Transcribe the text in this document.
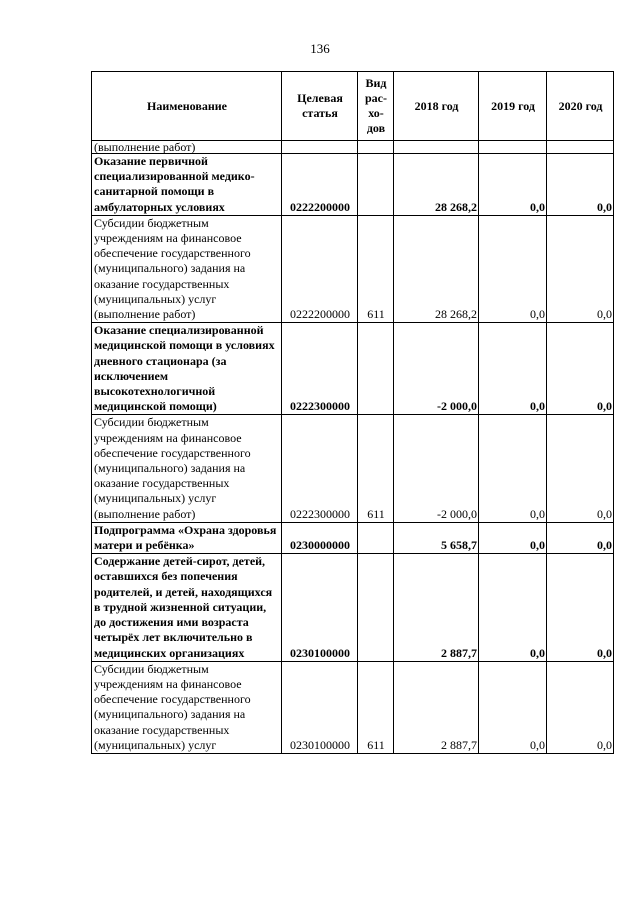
136
Наименование	Целевая статья	Вид рас-хо-дов	2018 год	2019 год	2020 год
(выполнение работ)					
Оказание первичной специализированной медико-санитарной помощи в амбулаторных условиях	0222200000		28 268,2	0,0	0,0
Субсидии бюджетным учреждениям на финансовое обеспечение государственного (муниципального) задания на оказание государственных (муниципальных) услуг (выполнение работ)	0222200000	611	28 268,2	0,0	0,0
Оказание специализированной медицинской помощи в условиях дневного стационара (за исключением высокотехнологичной медицинской помощи)	0222300000		-2 000,0	0,0	0,0
Субсидии бюджетным учреждениям на финансовое обеспечение государственного (муниципального) задания на оказание государственных (муниципальных) услуг (выполнение работ)	0222300000	611	-2 000,0	0,0	0,0
Подпрограмма «Охрана здоровья матери и ребёнка»	0230000000		5 658,7	0,0	0,0
Содержание детей-сирот, детей, оставшихся без попечения родителей, и детей, находящихся в трудной жизненной ситуации, до достижения ими возраста четырёх лет включительно в медицинских организациях	0230100000		2 887,7	0,0	0,0
Субсидии бюджетным учреждениям на финансовое обеспечение государственного (муниципального) задания на оказание государственных (муниципальных) услуг	0230100000	611	2 887,7	0,0	0,0
